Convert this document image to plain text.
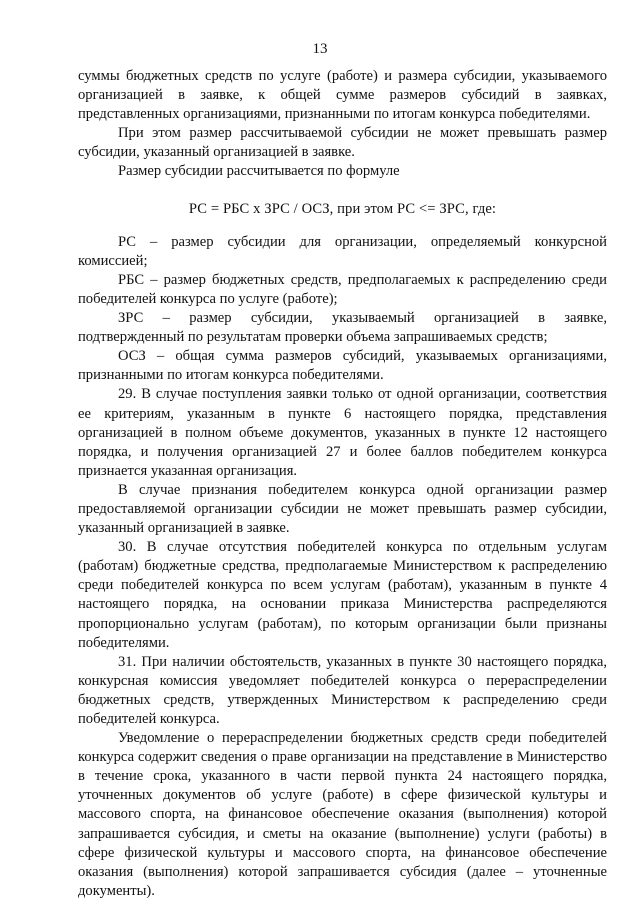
13

суммы бюджетных средств по услуге (работе) и размера субсидии, указываемого организацией в заявке, к общей сумме размеров субсидий в заявках, представленных организациями, признанными по итогам конкурса победителями.

При этом размер рассчитываемой субсидии не может превышать размер субсидии, указанный организацией в заявке.

Размер субсидии рассчитывается по формуле

РС = РБС x ЗРС / ОСЗ, при этом РС <= ЗРС, где:

РС – размер субсидии для организации, определяемый конкурсной комиссией;

РБС – размер бюджетных средств, предполагаемых к распределению среди победителей конкурса по услуге (работе);

ЗРС – размер субсидии, указываемый организацией в заявке, подтвержденный по результатам проверки объема запрашиваемых средств;

ОСЗ – общая сумма размеров субсидий, указываемых организациями, признанными по итогам конкурса победителями.

29. В случае поступления заявки только от одной организации, соответствия ее критериям, указанным в пункте 6 настоящего порядка, представления организацией в полном объеме документов, указанных в пункте 12 настоящего порядка, и получения организацией 27 и более баллов победителем конкурса признается указанная организация.

В случае признания победителем конкурса одной организации размер предоставляемой организации субсидии не может превышать размер субсидии, указанный организацией в заявке.

30. В случае отсутствия победителей конкурса по отдельным услугам (работам) бюджетные средства, предполагаемые Министерством к распределению среди победителей конкурса по всем услугам (работам), указанным в пункте 4 настоящего порядка, на основании приказа Министерства распределяются пропорционально услугам (работам), по которым организации были признаны победителями.

31. При наличии обстоятельств, указанных в пункте 30 настоящего порядка, конкурсная комиссия уведомляет победителей конкурса о перераспределении бюджетных средств, утвержденных Министерством к распределению среди победителей конкурса.

Уведомление о перераспределении бюджетных средств среди победителей конкурса содержит сведения о праве организации на представление в Министерство в течение срока, указанного в части первой пункта 24 настоящего порядка, уточненных документов об услуге (работе) в сфере физической культуры и массового спорта, на финансовое обеспечение оказания (выполнения) которой запрашивается субсидия, и сметы на оказание (выполнение) услуги (работы) в сфере физической культуры и массового спорта, на финансовое обеспечение оказания (выполнения) которой запрашивается субсидия (далее – уточненные документы).
